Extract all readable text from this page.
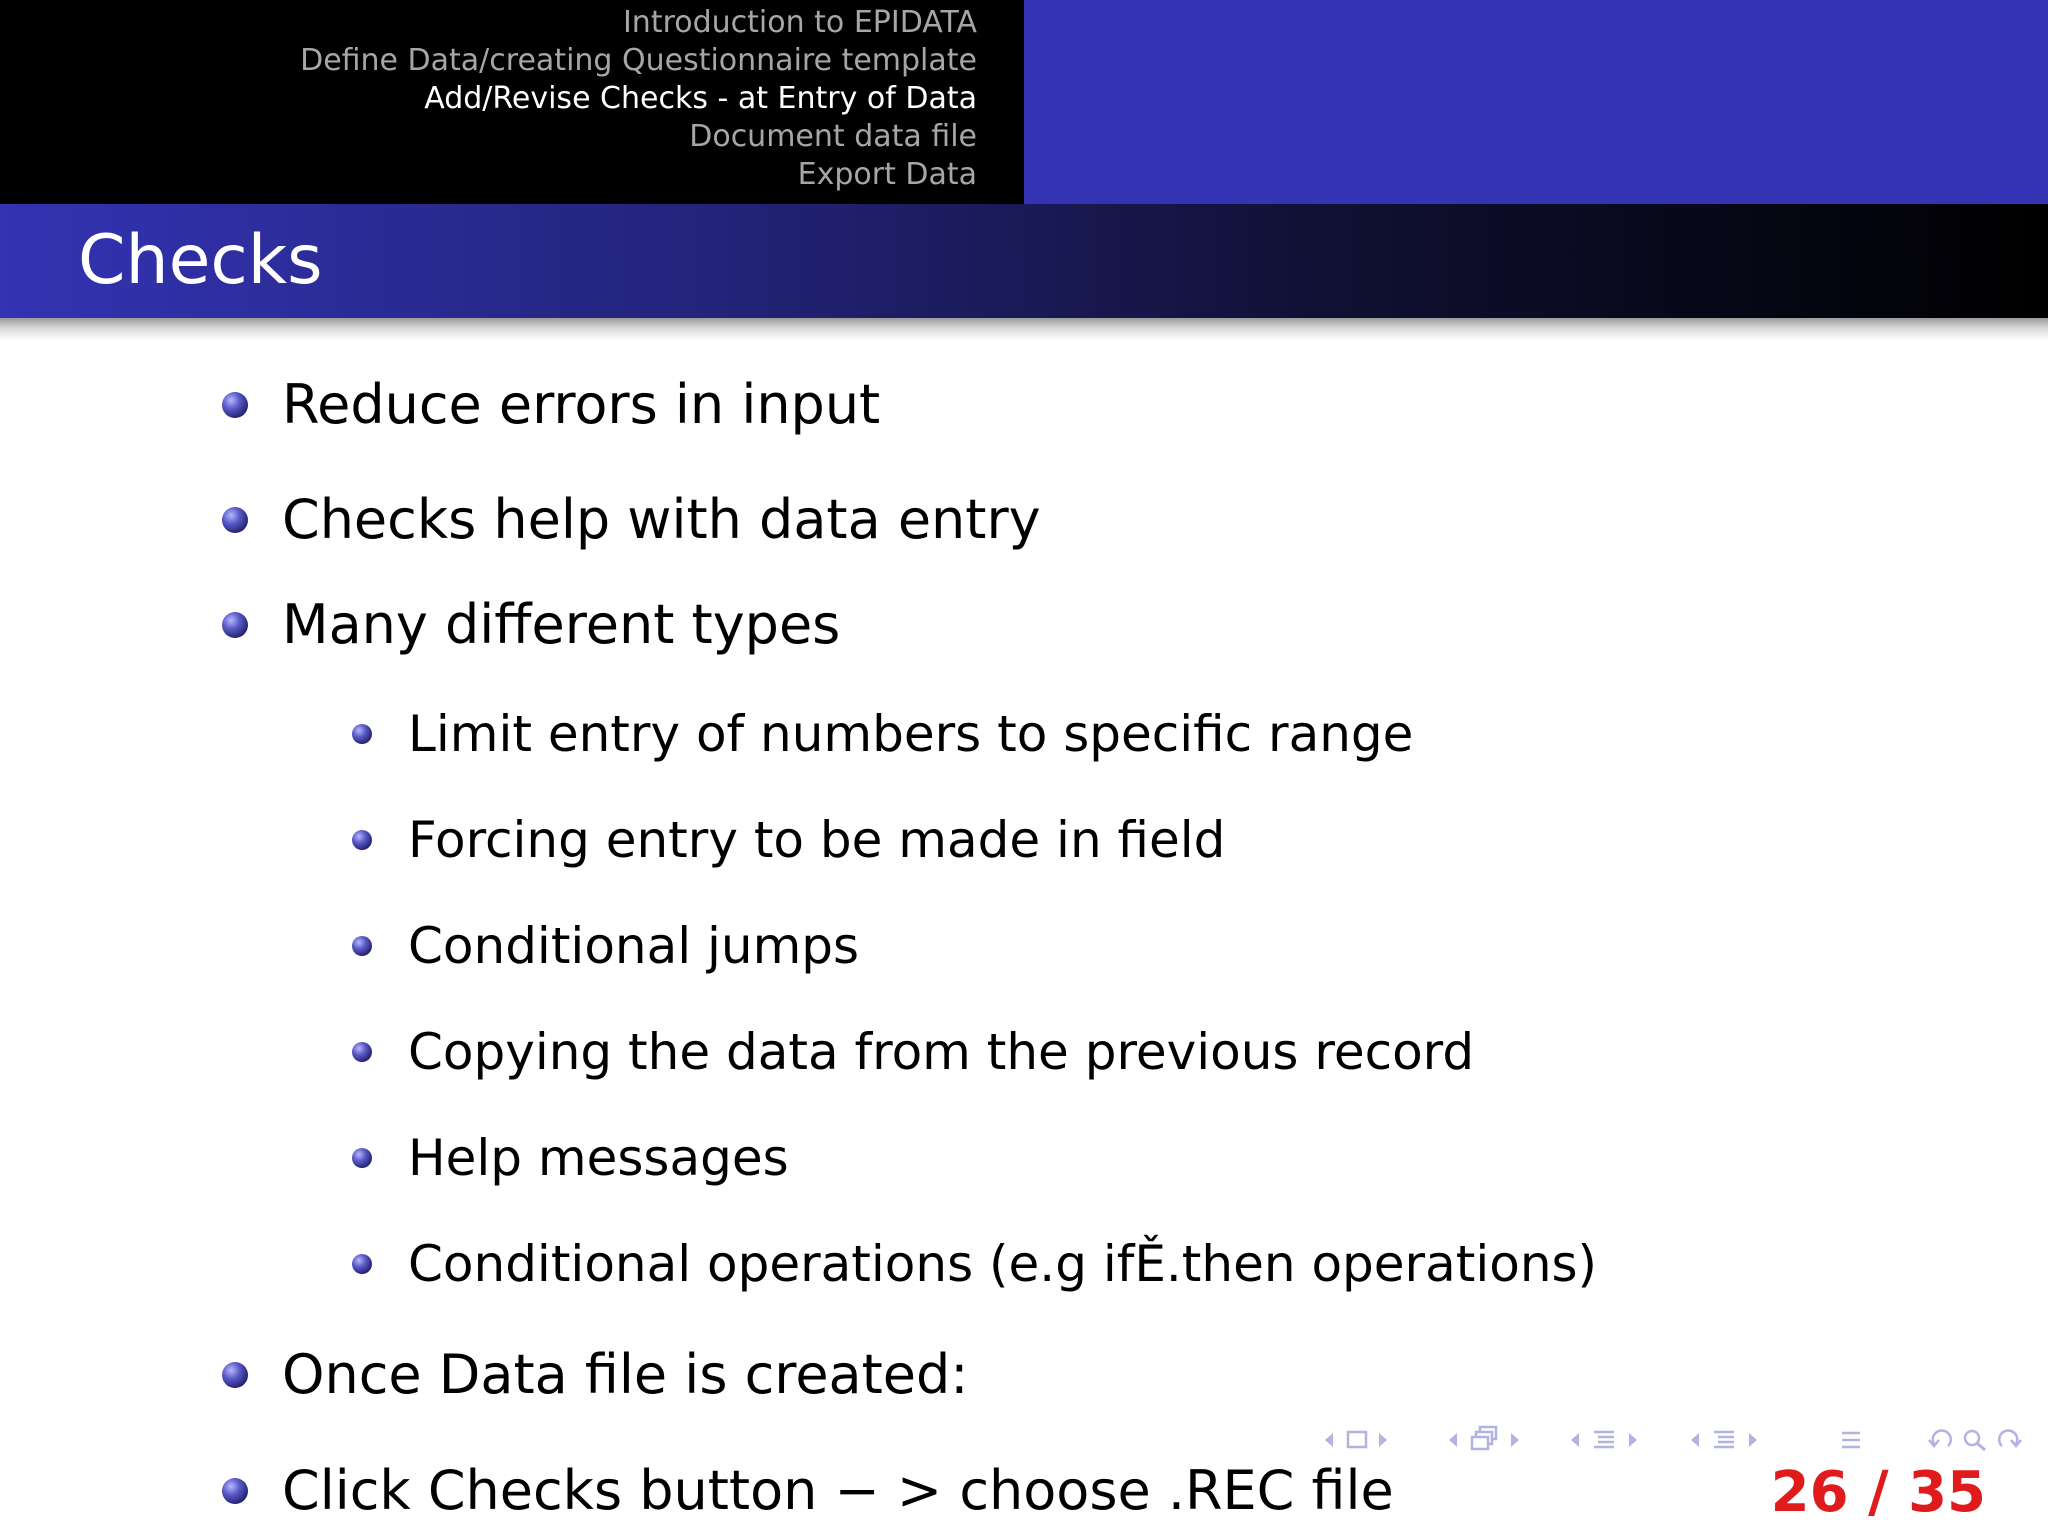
Introduction to EPIDATA
Define Data/creating Questionnaire template
Add/Revise Checks - at Entry of Data
Document data file
Export Data
Checks
Reduce errors in input
Checks help with data entry
Many different types
Limit entry of numbers to specific range
Forcing entry to be made in field
Conditional jumps
Copying the data from the previous record
Help messages
Conditional operations (e.g ifĚ.then operations)
Once Data file is created:
Click Checks button − > choose .REC file	26 / 35
